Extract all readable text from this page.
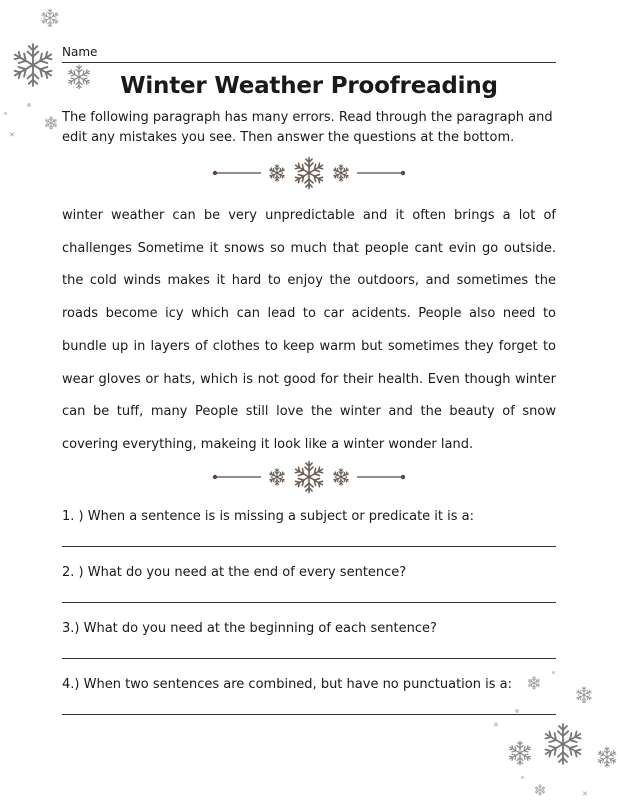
✕
✕
✕
Name
Winter Weather Proofreading
The following paragraph has many errors. Read through the paragraph and edit any mistakes you see. Then answer the questions at the bottom.
winter weather can be very unpredictable and it often brings a lot of challenges Sometime it snows so much that people cant evin go outside. the cold winds makes it hard to enjoy the outdoors, and sometimes the roads become icy which can lead to car acidents. People also need to bundle up in layers of clothes to keep warm but sometimes they forget to wear gloves or hats, which is not good for their health. Even though winter can be tuff, many People still love the winter and the beauty of snow covering everything, makeing it look like a winter wonder land.
1. ) When a sentence is is missing a subject or predicate it is a:
2. ) What do you need at the end of every sentence?
3.) What do you need at the beginning of each sentence?
4.) When two sentences are combined, but have no punctuation is a:
